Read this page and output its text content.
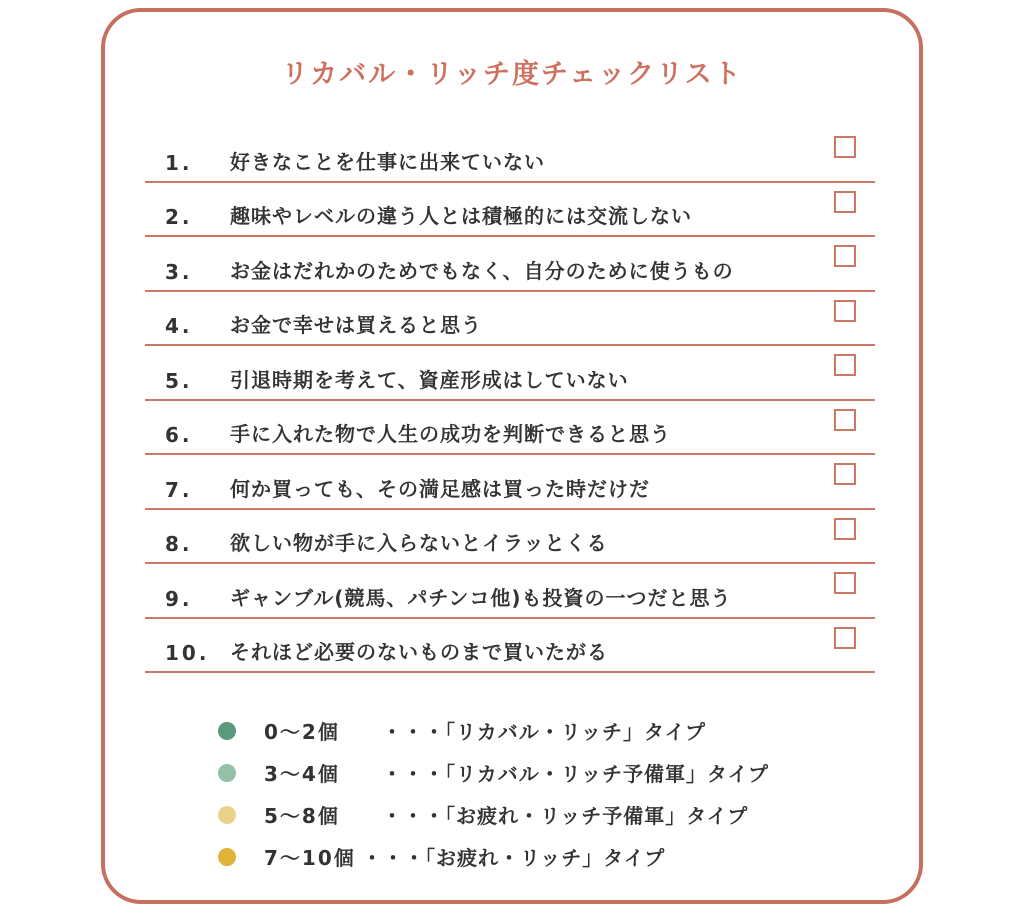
リカバル・リッチ度チェックリスト
1. 好きなことを仕事に出来ていない
2. 趣味やレベルの違う人とは積極的には交流しない
3. お金はだれかのためでもなく、自分のために使うもの
4. お金で幸せは買えると思う
5. 引退時期を考えて、資産形成はしていない
6. 手に入れた物で人生の成功を判断できると思う
7. 何か買っても、その満足感は買った時だけだ
8. 欲しい物が手に入らないとイラッとくる
9. ギャンブル(競馬、パチンコ他)も投資の一つだと思う
10. それほど必要のないものまで買いたがる
0〜2個 ・・・「リカバル・リッチ」タイプ
3〜4個 ・・・「リカバル・リッチ予備軍」タイプ
5〜8個 ・・・「お疲れ・リッチ予備軍」タイプ
7〜10個 ・・・「お疲れ・リッチ」タイプ
